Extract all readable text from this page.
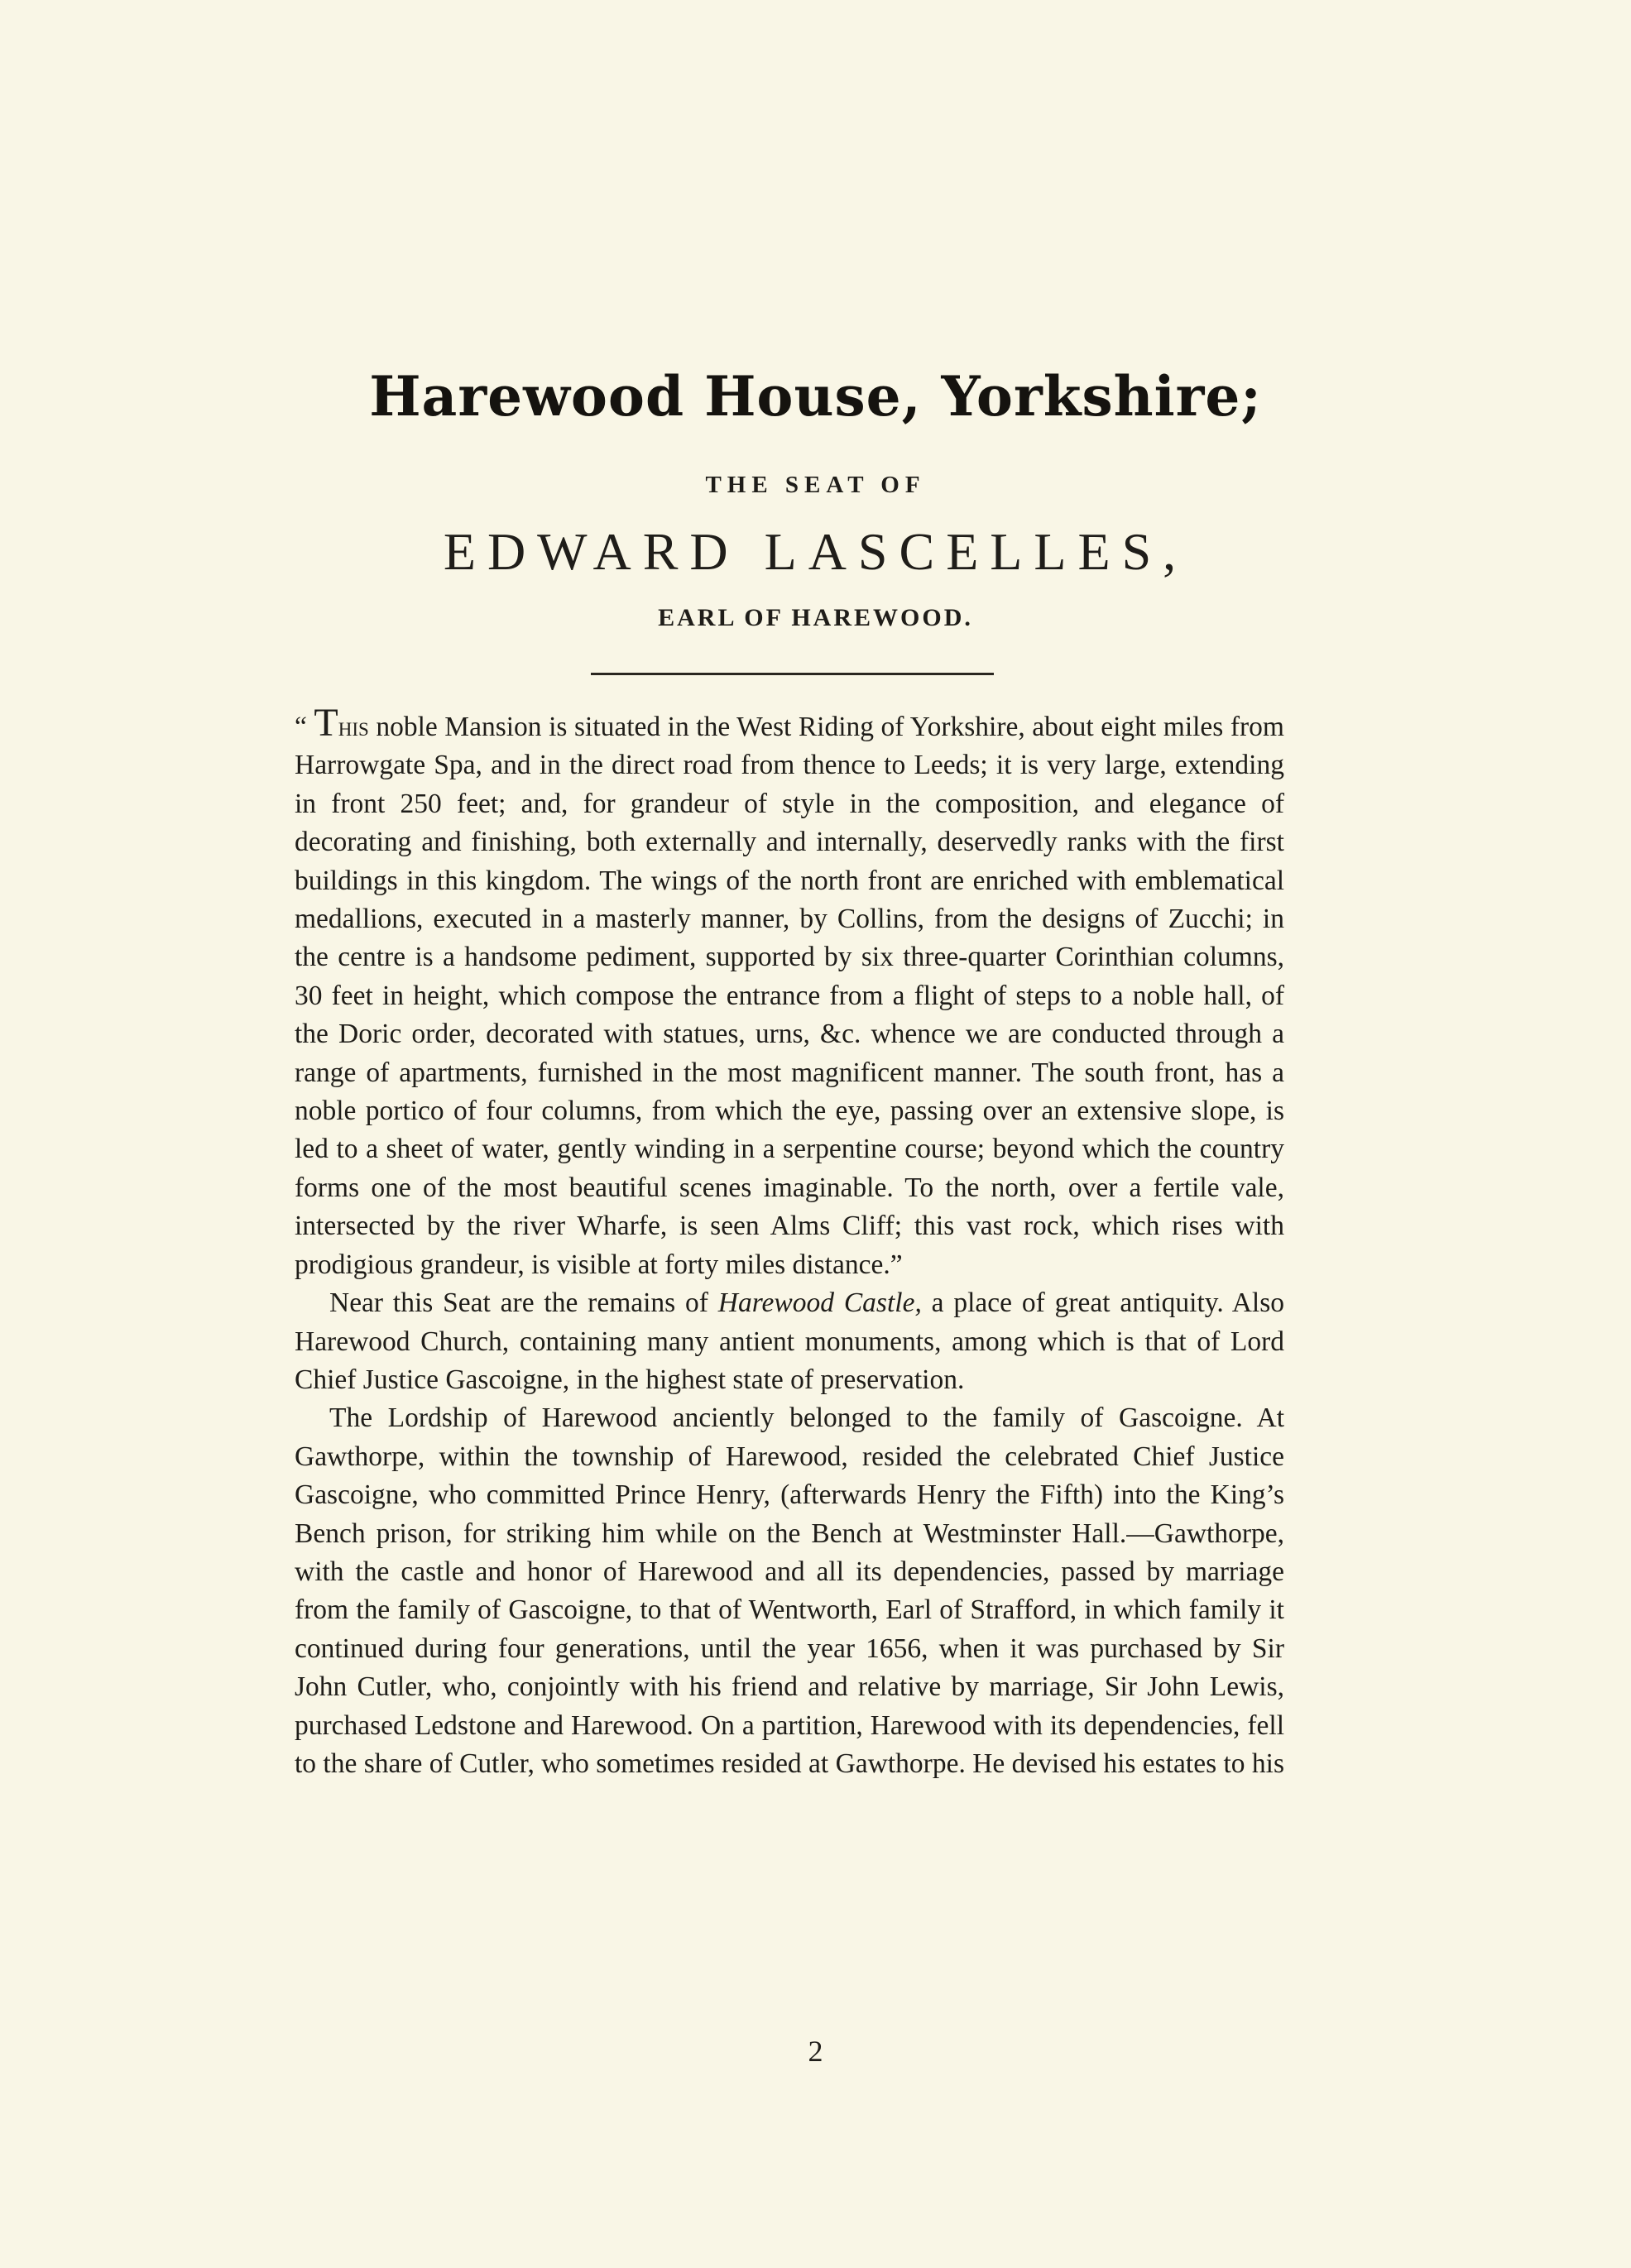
Harewood House, Yorkshire;
THE SEAT OF
EDWARD LASCELLES,
EARL OF HAREWOOD.

“ This noble Mansion is situated in the West Riding of Yorkshire, about eight miles from Harrowgate Spa, and in the direct road from thence to Leeds; it is very large, extending in front 250 feet; and, for grandeur of style in the composition, and elegance of decorating and finishing, both externally and internally, deservedly ranks with the first buildings in this kingdom. The wings of the north front are enriched with emblematical medallions, executed in a masterly manner, by Collins, from the designs of Zucchi; in the centre is a handsome pediment, supported by six three-quarter Corinthian columns, 30 feet in height, which compose the entrance from a flight of steps to a noble hall, of the Doric order, decorated with statues, urns, &c. whence we are conducted through a range of apartments, furnished in the most magnificent manner. The south front, has a noble portico of four columns, from which the eye, passing over an extensive slope, is led to a sheet of water, gently winding in a serpentine course; beyond which the country forms one of the most beautiful scenes imaginable. To the north, over a fertile vale, intersected by the river Wharfe, is seen Alms Cliff; this vast rock, which rises with prodigious grandeur, is visible at forty miles distance.”

Near this Seat are the remains of Harewood Castle, a place of great antiquity. Also Harewood Church, containing many antient monuments, among which is that of Lord Chief Justice Gascoigne, in the highest state of preservation.

The Lordship of Harewood anciently belonged to the family of Gascoigne. At Gawthorpe, within the township of Harewood, resided the celebrated Chief Justice Gascoigne, who committed Prince Henry, (afterwards Henry the Fifth) into the King’s Bench prison, for striking him while on the Bench at Westminster Hall.—Gawthorpe, with the castle and honor of Harewood and all its dependencies, passed by marriage from the family of Gascoigne, to that of Wentworth, Earl of Strafford, in which family it continued during four generations, until the year 1656, when it was purchased by Sir John Cutler, who, conjointly with his friend and relative by marriage, Sir John Lewis, purchased Ledstone and Harewood. On a partition, Harewood with its dependencies, fell to the share of Cutler, who sometimes resided at Gawthorpe. He devised his estates to his

2
